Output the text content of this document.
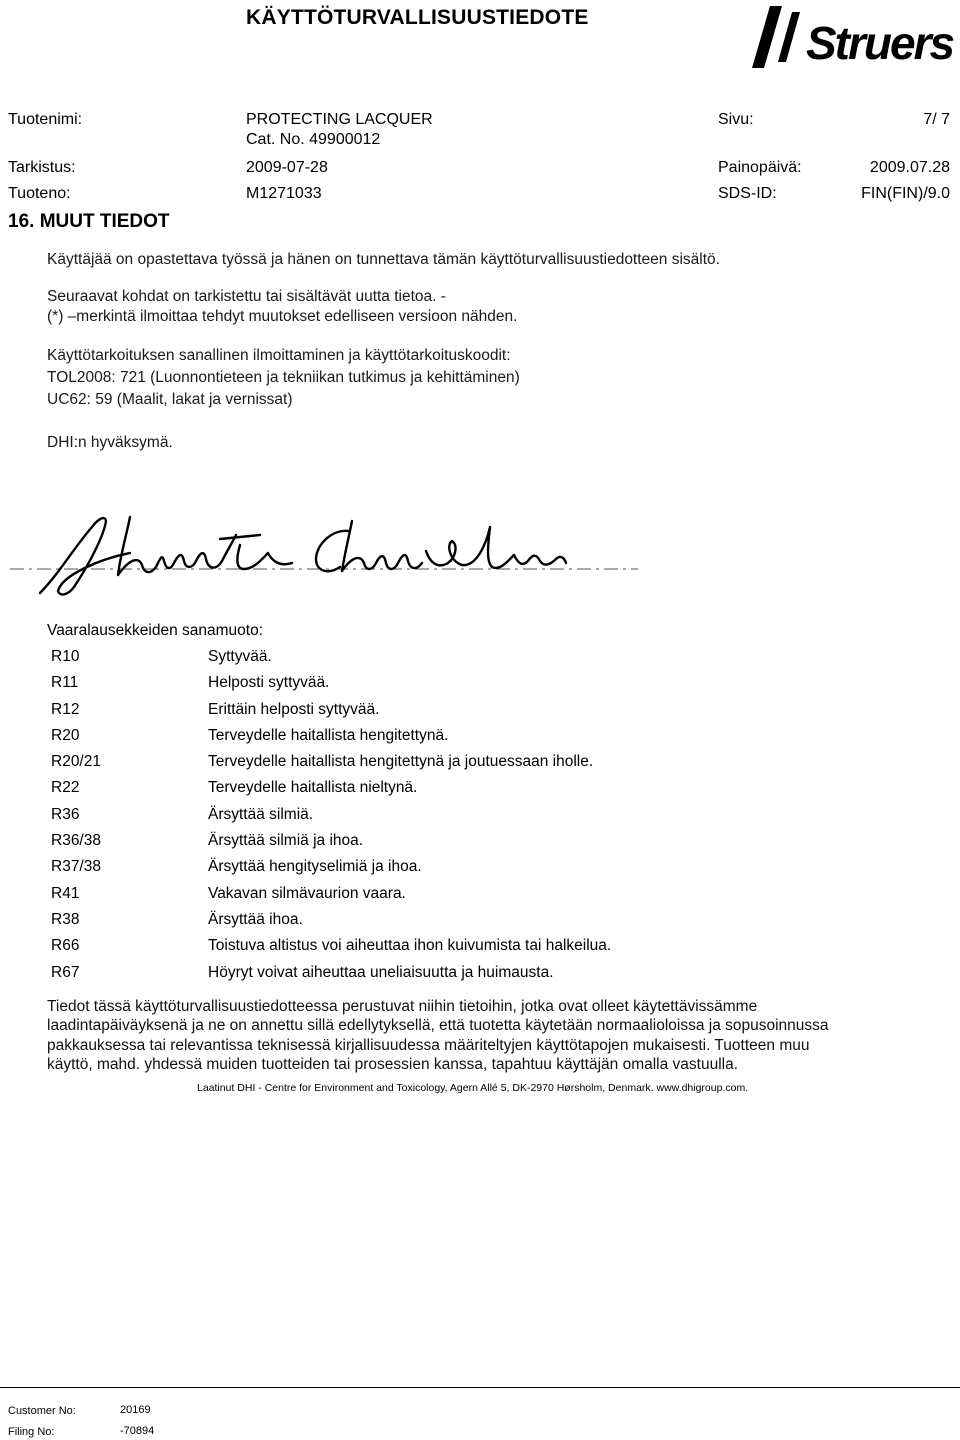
KÄYTTÖTURVALLISUUSTIEDOTE	Struers
Tuotenimi:	PROTECTING LACQUER
Cat. No. 49900012
Sivu:	7/ 7
Tarkistus:	2009-07-28	Painopäivä:	2009.07.28
Tuoteno:	M1271033	SDS-ID:	FIN(FIN)/9.0
16. MUUT TIEDOT
Käyttäjää on opastettava työssä ja hänen on tunnettava tämän käyttöturvallisuustiedotteen sisältö.
Seuraavat kohdat on tarkistettu tai sisältävät uutta tietoa. -
(*) –merkintä ilmoittaa tehdyt muutokset edelliseen versioon nähden.
Käyttötarkoituksen sanallinen ilmoittaminen ja käyttötarkoituskoodit:
TOL2008: 721 (Luonnontieteen ja tekniikan tutkimus ja kehittäminen)
UC62: 59 (Maalit, lakat ja vernissat)
DHI:n hyväksymä.
Vaaralausekkeiden sanamuoto:
R10	Syttyvää.
R11	Helposti syttyvää.
R12	Erittäin helposti syttyvää.
R20	Terveydelle haitallista hengitettynä.
R20/21	Terveydelle haitallista hengitettynä ja joutuessaan iholle.
R22	Terveydelle haitallista nieltynä.
R36	Ärsyttää silmiä.
R36/38	Ärsyttää silmiä ja ihoa.
R37/38	Ärsyttää hengityselimiä ja ihoa.
R41	Vakavan silmävaurion vaara.
R38	Ärsyttää ihoa.
R66	Toistuva altistus voi aiheuttaa ihon kuivumista tai halkeilua.
R67	Höyryt voivat aiheuttaa uneliaisuutta ja huimausta.
Tiedot tässä käyttöturvallisuustiedotteessa perustuvat niihin tietoihin, jotka ovat olleet käytettävissämme
laadintapäiväyksenä ja ne on annettu sillä edellytyksellä, että tuotetta käytetään normaalioloissa ja sopusoinnussa
pakkauksessa tai relevantissa teknisessä kirjallisuudessa määriteltyjen käyttötapojen mukaisesti. Tuotteen muu
käyttö, mahd. yhdessä muiden tuotteiden tai prosessien kanssa, tapahtuu käyttäjän omalla vastuulla.
Laatinut DHI - Centre for Environment and Toxicology, Agern Allé 5, DK-2970 Hørsholm, Denmark. www.dhigroup.com.
Customer No:	20169
Filing No:	-70894
